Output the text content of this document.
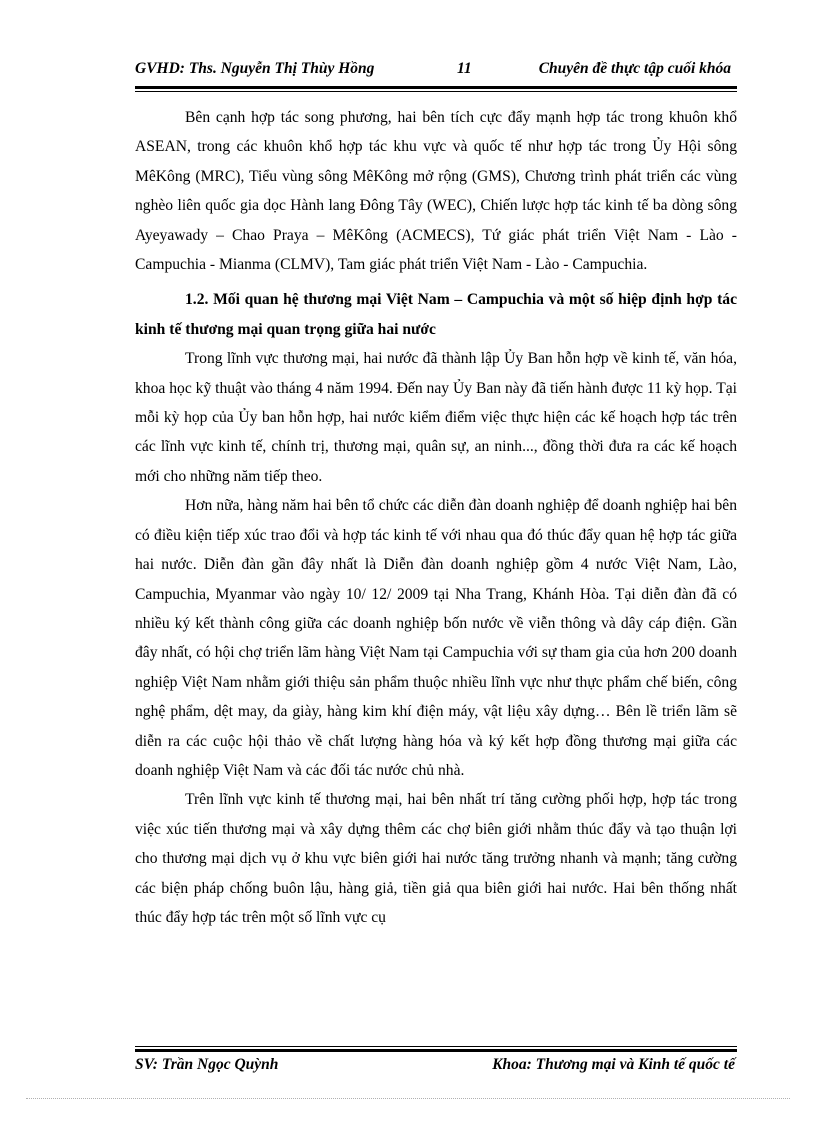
GVHD: Ths. Nguyễn Thị Thùy Hồng	11	Chuyên đề thực tập cuối khóa

Bên cạnh hợp tác song phương, hai bên tích cực đẩy mạnh hợp tác trong khuôn khổ ASEAN, trong các khuôn khổ hợp tác khu vực và quốc tế như hợp tác trong Ủy Hội sông MêKông (MRC), Tiểu vùng sông MêKông mở rộng (GMS), Chương trình phát triển các vùng nghèo liên quốc gia dọc Hành lang Đông Tây (WEC), Chiến lược hợp tác kinh tế ba dòng sông Ayeyawady – Chao Praya – MêKông (ACMECS), Tứ giác phát triển Việt Nam - Lào - Campuchia - Mianma (CLMV), Tam giác phát triển Việt Nam - Lào - Campuchia.

1.2. Mối quan hệ thương mại Việt Nam – Campuchia và một số hiệp định hợp tác kinh tế thương mại quan trọng giữa hai nước

Trong lĩnh vực thương mại, hai nước đã thành lập Ủy Ban hỗn hợp về kinh tế, văn hóa, khoa học kỹ thuật vào tháng 4 năm 1994. Đến nay Ủy Ban này đã tiến hành được 11 kỳ họp. Tại mỗi kỳ họp của Ủy ban hỗn hợp, hai nước kiểm điểm việc thực hiện các kế hoạch hợp tác trên các lĩnh vực kinh tế, chính trị, thương mại, quân sự, an ninh..., đồng thời đưa ra các kế hoạch mới cho những năm tiếp theo.

Hơn nữa, hàng năm hai bên tổ chức các diễn đàn doanh nghiệp để doanh nghiệp hai bên có điều kiện tiếp xúc trao đổi và hợp tác kinh tế với nhau qua đó thúc đẩy quan hệ hợp tác giữa hai nước. Diễn đàn gần đây nhất là Diễn đàn doanh nghiệp gồm 4 nước Việt Nam, Lào, Campuchia, Myanmar vào ngày 10/ 12/ 2009 tại Nha Trang, Khánh Hòa. Tại diễn đàn đã có nhiều ký kết thành công giữa các doanh nghiệp bốn nước về viễn thông và dây cáp điện. Gần đây nhất, có hội chợ triển lãm hàng Việt Nam tại Campuchia với sự tham gia của hơn 200 doanh nghiệp Việt Nam nhằm giới thiệu sản phẩm thuộc nhiều lĩnh vực như thực phẩm chế biến, công nghệ phẩm, dệt may, da giày, hàng kim khí điện máy, vật liệu xây dựng… Bên lề triển lãm sẽ diễn ra các cuộc hội thảo về chất lượng hàng hóa và ký kết hợp đồng thương mại giữa các doanh nghiệp Việt Nam và các đối tác nước chủ nhà.

Trên lĩnh vực kinh tế thương mại, hai bên nhất trí tăng cường phối hợp, hợp tác trong việc xúc tiến thương mại và xây dựng thêm các chợ biên giới nhằm thúc đẩy và tạo thuận lợi cho thương mại dịch vụ ở khu vực biên giới hai nước tăng trưởng nhanh và mạnh; tăng cường các biện pháp chống buôn lậu, hàng giả, tiền giả qua biên giới hai nước. Hai bên thống nhất thúc đẩy hợp tác trên một số lĩnh vực cụ

SV: Trần Ngọc Quỳnh	Khoa: Thương mại và Kinh tế quốc tế
